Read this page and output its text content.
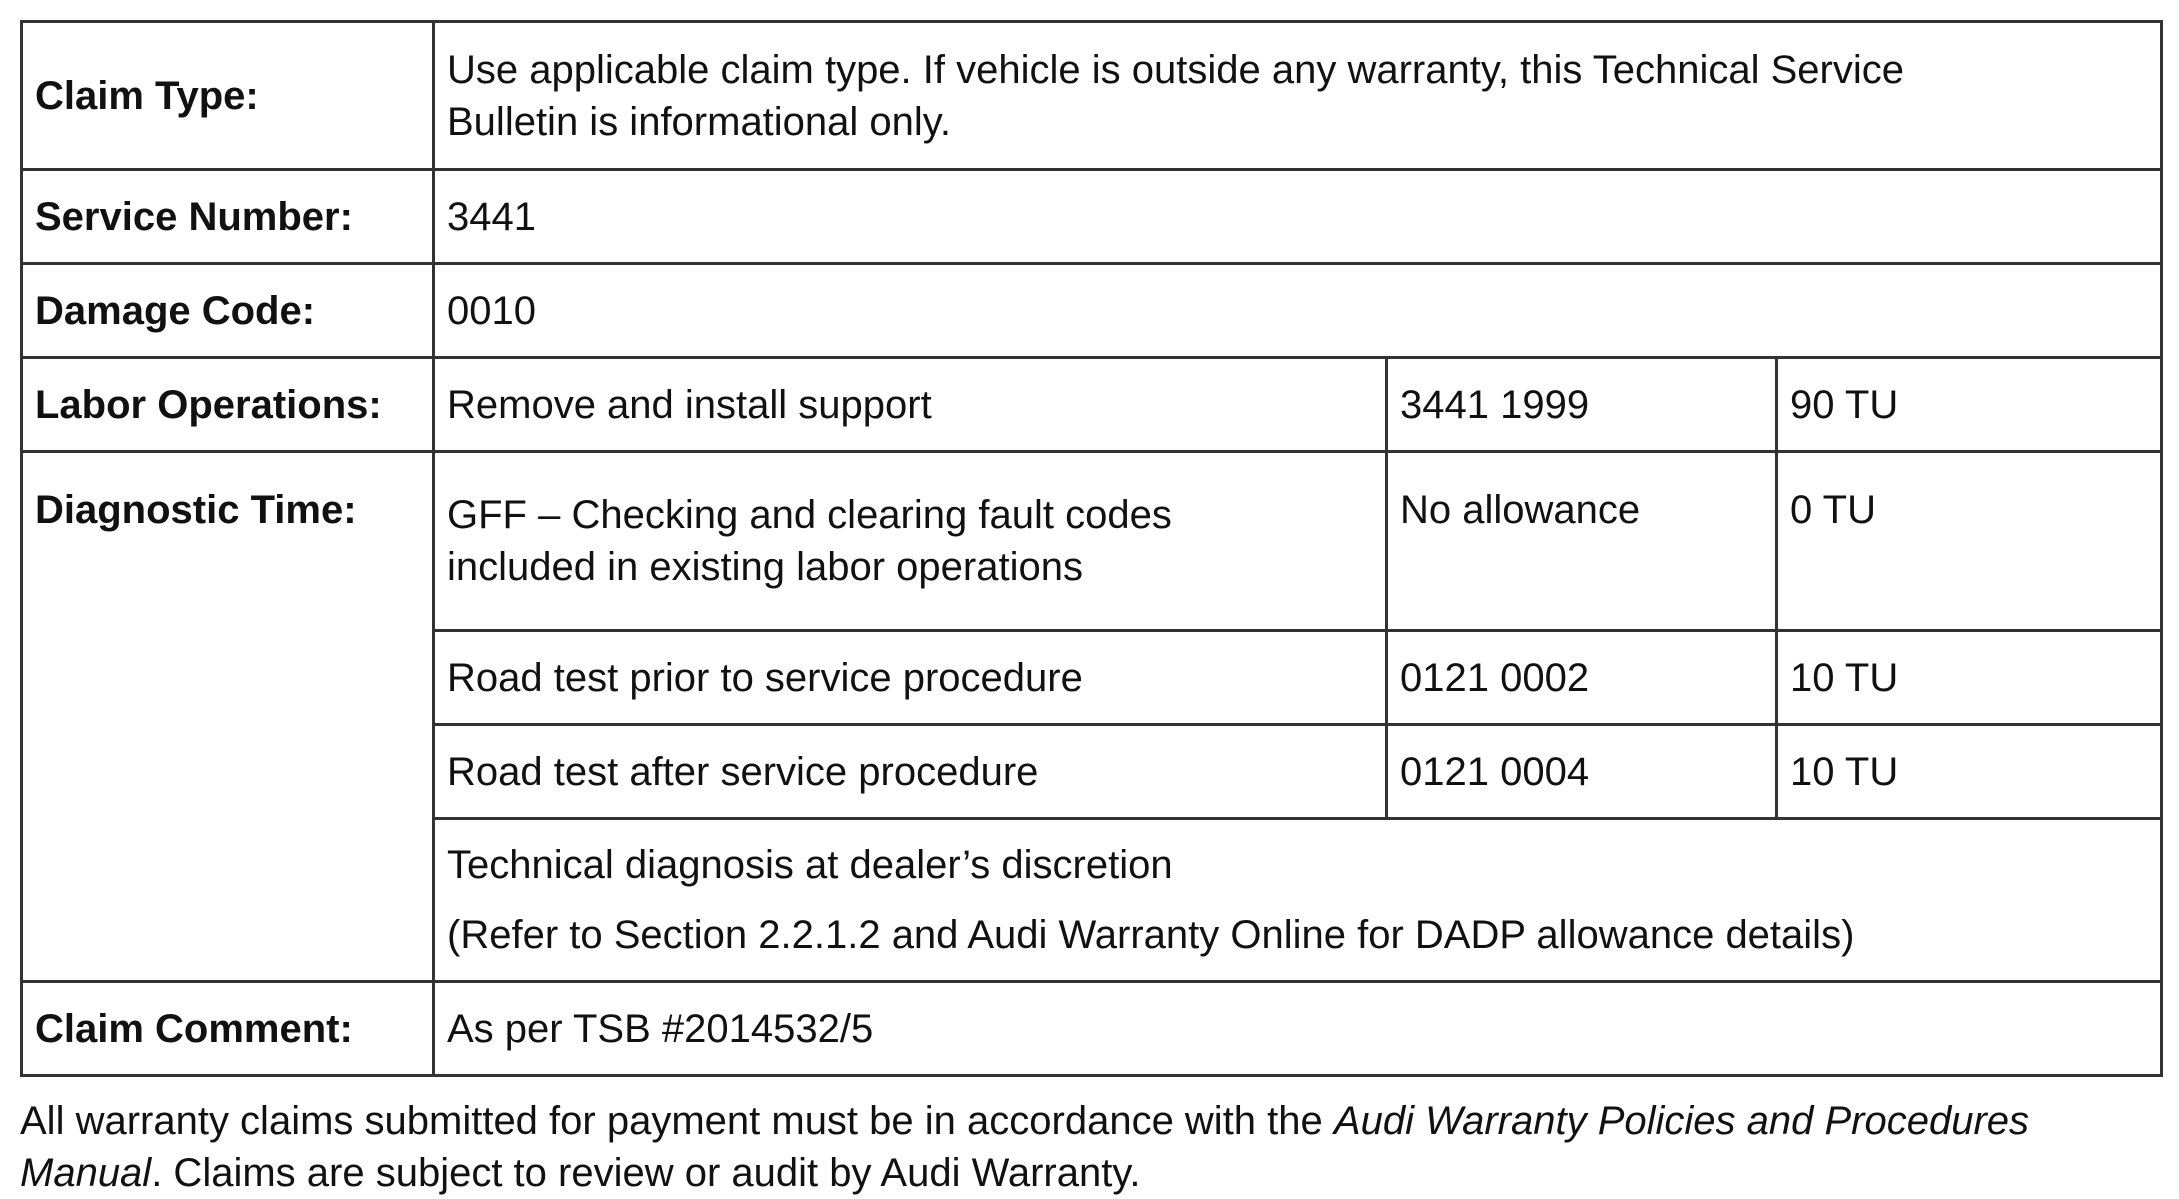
Claim Type:	Use applicable claim type. If vehicle is outside any warranty, this Technical Service
Bulletin is informational only.		

Service Number:	3441		
Damage Code:	0010		
Labor Operations:	Remove and install support	3441 1999	90 TU
Diagnostic Time:	GFF – Checking and clearing fault codes
included in existing labor operations	No allowance	0 TU
	Road test prior to service procedure	0121 0002	10 TU
	Road test after service procedure	0121 0004	10 TU

	Technical diagnosis at dealer’s discretion
(Refer to Section 2.2.1.2 and Audi Warranty Online for DADP allowance details)		

Claim Comment:	As per TSB #2014532/5		
All warranty claims submitted for payment must be in accordance with the Audi Warranty Policies and Procedures Manual. Claims are subject to review or audit by Audi Warranty.
